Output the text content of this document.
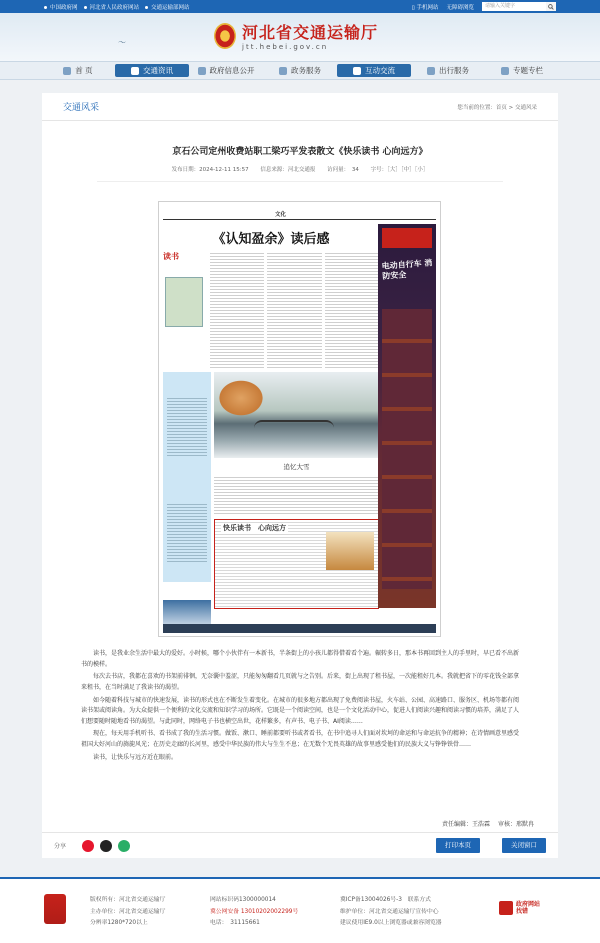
中国政府网	河北省人民政府网站	交通运输部网站	▯ 手机网站 无障碍浏览	请输入关键字
〜
河北省交通运输厅
jtt.hebei.gov.cn
首 页	交通资讯	政府信息公开	政务服务	互动交流	出行服务	专题专栏
交通风采	您当前的位置：首页 > 交通风采
京石公司定州收费站职工梁巧平发表散文《快乐读书 心向远方》
发布日期：2024-12-11 15:57 信息来源：河北交通报 访问量：　34 字号：［大］［中］［小］
文化
《认知盈余》读后感
读书
追忆大雪
快乐读书　心向远方
电动自行车 消防安全

读书，是我业余生活中最大的爱好。小时候，哪个小伙伴有一本新书，半条街上的小孩儿都得借着看个遍。辗转多日，那本书再回到主人的手里时，早已看不出新书的模样。

每次去书店，我都在喜欢的书架前徘徊，无奈囊中羞涩，只能匆匆翻看几页就与之告别。后来，街上出现了租书屋，一次能租好几本。我就把省下的零花钱全部拿来租书，在当时满足了我读书的渴望。

如今随着科技与城市的快速发展，读书的形式也在不断发生着变化。在城市的很多地方都出现了免费阅读书屋，火车站、公园、高速路口、服务区、机场等都有阅读书架或阅读角。为大众提供一个便利的文化交流和知识学习的场所。它既是一个阅读空间，也是一个文化活动中心，促进人们阅读兴趣和阅读习惯的培养，满足了人们想要随时随地看书的渴望。与此同时，网络电子书也横空出世，花样繁多，有声书、电子书、AI阅读……

现在，每天用手机听书、看书成了我的生活习惯。做饭、漱口、睡前都要听书或者看书，在书中追寻人们面对坎坷的命运和与命运抗争的精神；在诗情画意里感受祖国大好河山的旖旎风光；在历史走廊的长河里，感受中华民族的伟大与生生不息；在无数个无畏英雄的故事里感受他们的民族大义与铮铮铁骨……

读书，让快乐与远方近在眼前。

责任编辑：王浩霖 审核：邢默冉
分享	打印本页	关闭窗口
版权所有：河北省交通运输厅
主办单位：河北省交通运输厅
分辨率1280*720以上
网站标识码1300000014
冀公网安备 13010202002299号
电话：　31115661
冀ICP备13004026号-3　联系方式
维护单位：河北省交通运输厅宣传中心
建议使用IE9.0以上浏览器或兼容浏览器
政府网站
找错
